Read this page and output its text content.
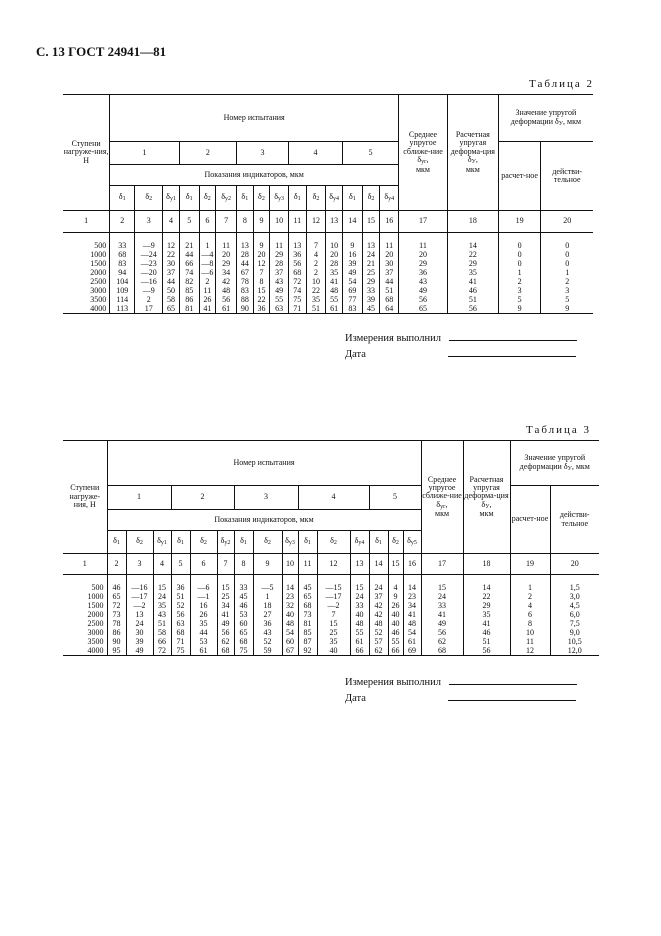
С. 13 ГОСТ 24941—81
Таблица 2
Ступени нагруже-ния, Н	Номер испытания															Среднее упругое сближе-ние δуг,
мкм	Расчетная упругая деформа-ция δУ,
мкм	Значение упругой деформации δУ, мкм	
	1			2			3			4			5					расчет-ное	действи-тельное
	Показания индикаторов, мкм																		
	δ1	δ2	δу1	δ1	δ2	δу2	δ1	δ2	δу3	δ1	δ2	δу4	δ1	δ2	δу4				
1	2	3	4	5	6	7	8	9	10	11	12	13	14	15	16	17	18	19	20
500	33	—9	12	21	1	11	13	9	11	13	7	10	9	13	11	11	14	0	0
1000	68	—24	22	44	—4	20	28	20	29	36	4	20	16	24	20	20	22	0	0
1500	83	—23	30	66	—8	29	44	12	28	56	2	28	39	21	30	29	29	0	0
2000	94	—20	37	74	—6	34	67	7	37	68	2	35	49	25	37	36	35	1	1
2500	104	—16	44	82	2	42	78	8	43	72	10	41	54	29	44	43	41	2	2
3000	109	—9	50	85	11	48	83	15	49	74	22	48	69	33	51	49	46	3	3
3500	114	2	58	86	26	56	88	22	55	75	35	55	77	39	68	56	51	5	5
4000	113	17	65	81	41	61	90	36	63	71	51	61	83	45	64	65	56	9	9
Измерения выполнил
Дата
Таблица 3
Ступени нагруже-ния, Н	Номер испытания															Среднее упругое сближе-ние δуг,
мкм	Расчетная упругая деформа-ция δУ,
мкм	Значение упругой деформации δУ, мкм	
	1			2			3			4			5					расчет-ное	действи-тельное
	Показания индикаторов, мкм																		
	δ1	δ2	δу1	δ1	δ2	δу2	δ1	δ2	δу3	δ1	δ2	δу4	δ1	δ2	δу5				
1	2	3	4	5	6	7	8	9	10	11	12	13	14	15	16	17	18	19	20
500	46	—16	15	36	—6	15	33	—5	14	45	—15	15	24	4	14	15	14	1	1,5
1000	65	—17	24	51	—1	25	45	1	23	65	—17	24	37	9	23	24	22	2	3,0
1500	72	—2	35	52	16	34	46	18	32	68	—2	33	42	26	34	33	29	4	4,5
2000	73	13	43	56	26	41	53	27	40	73	7	40	42	40	41	41	35	6	6,0
2500	78	24	51	63	35	49	60	36	48	81	15	48	48	40	48	49	41	8	7,5
3000	86	30	58	68	44	56	65	43	54	85	25	55	52	46	54	56	46	10	9,0
3500	90	39	66	71	53	62	68	52	60	87	35	61	57	55	61	62	51	11	10,5
4000	95	49	72	75	61	68	75	59	67	92	40	66	62	66	69	68	56	12	12,0
Измерения выполнил
Дата
